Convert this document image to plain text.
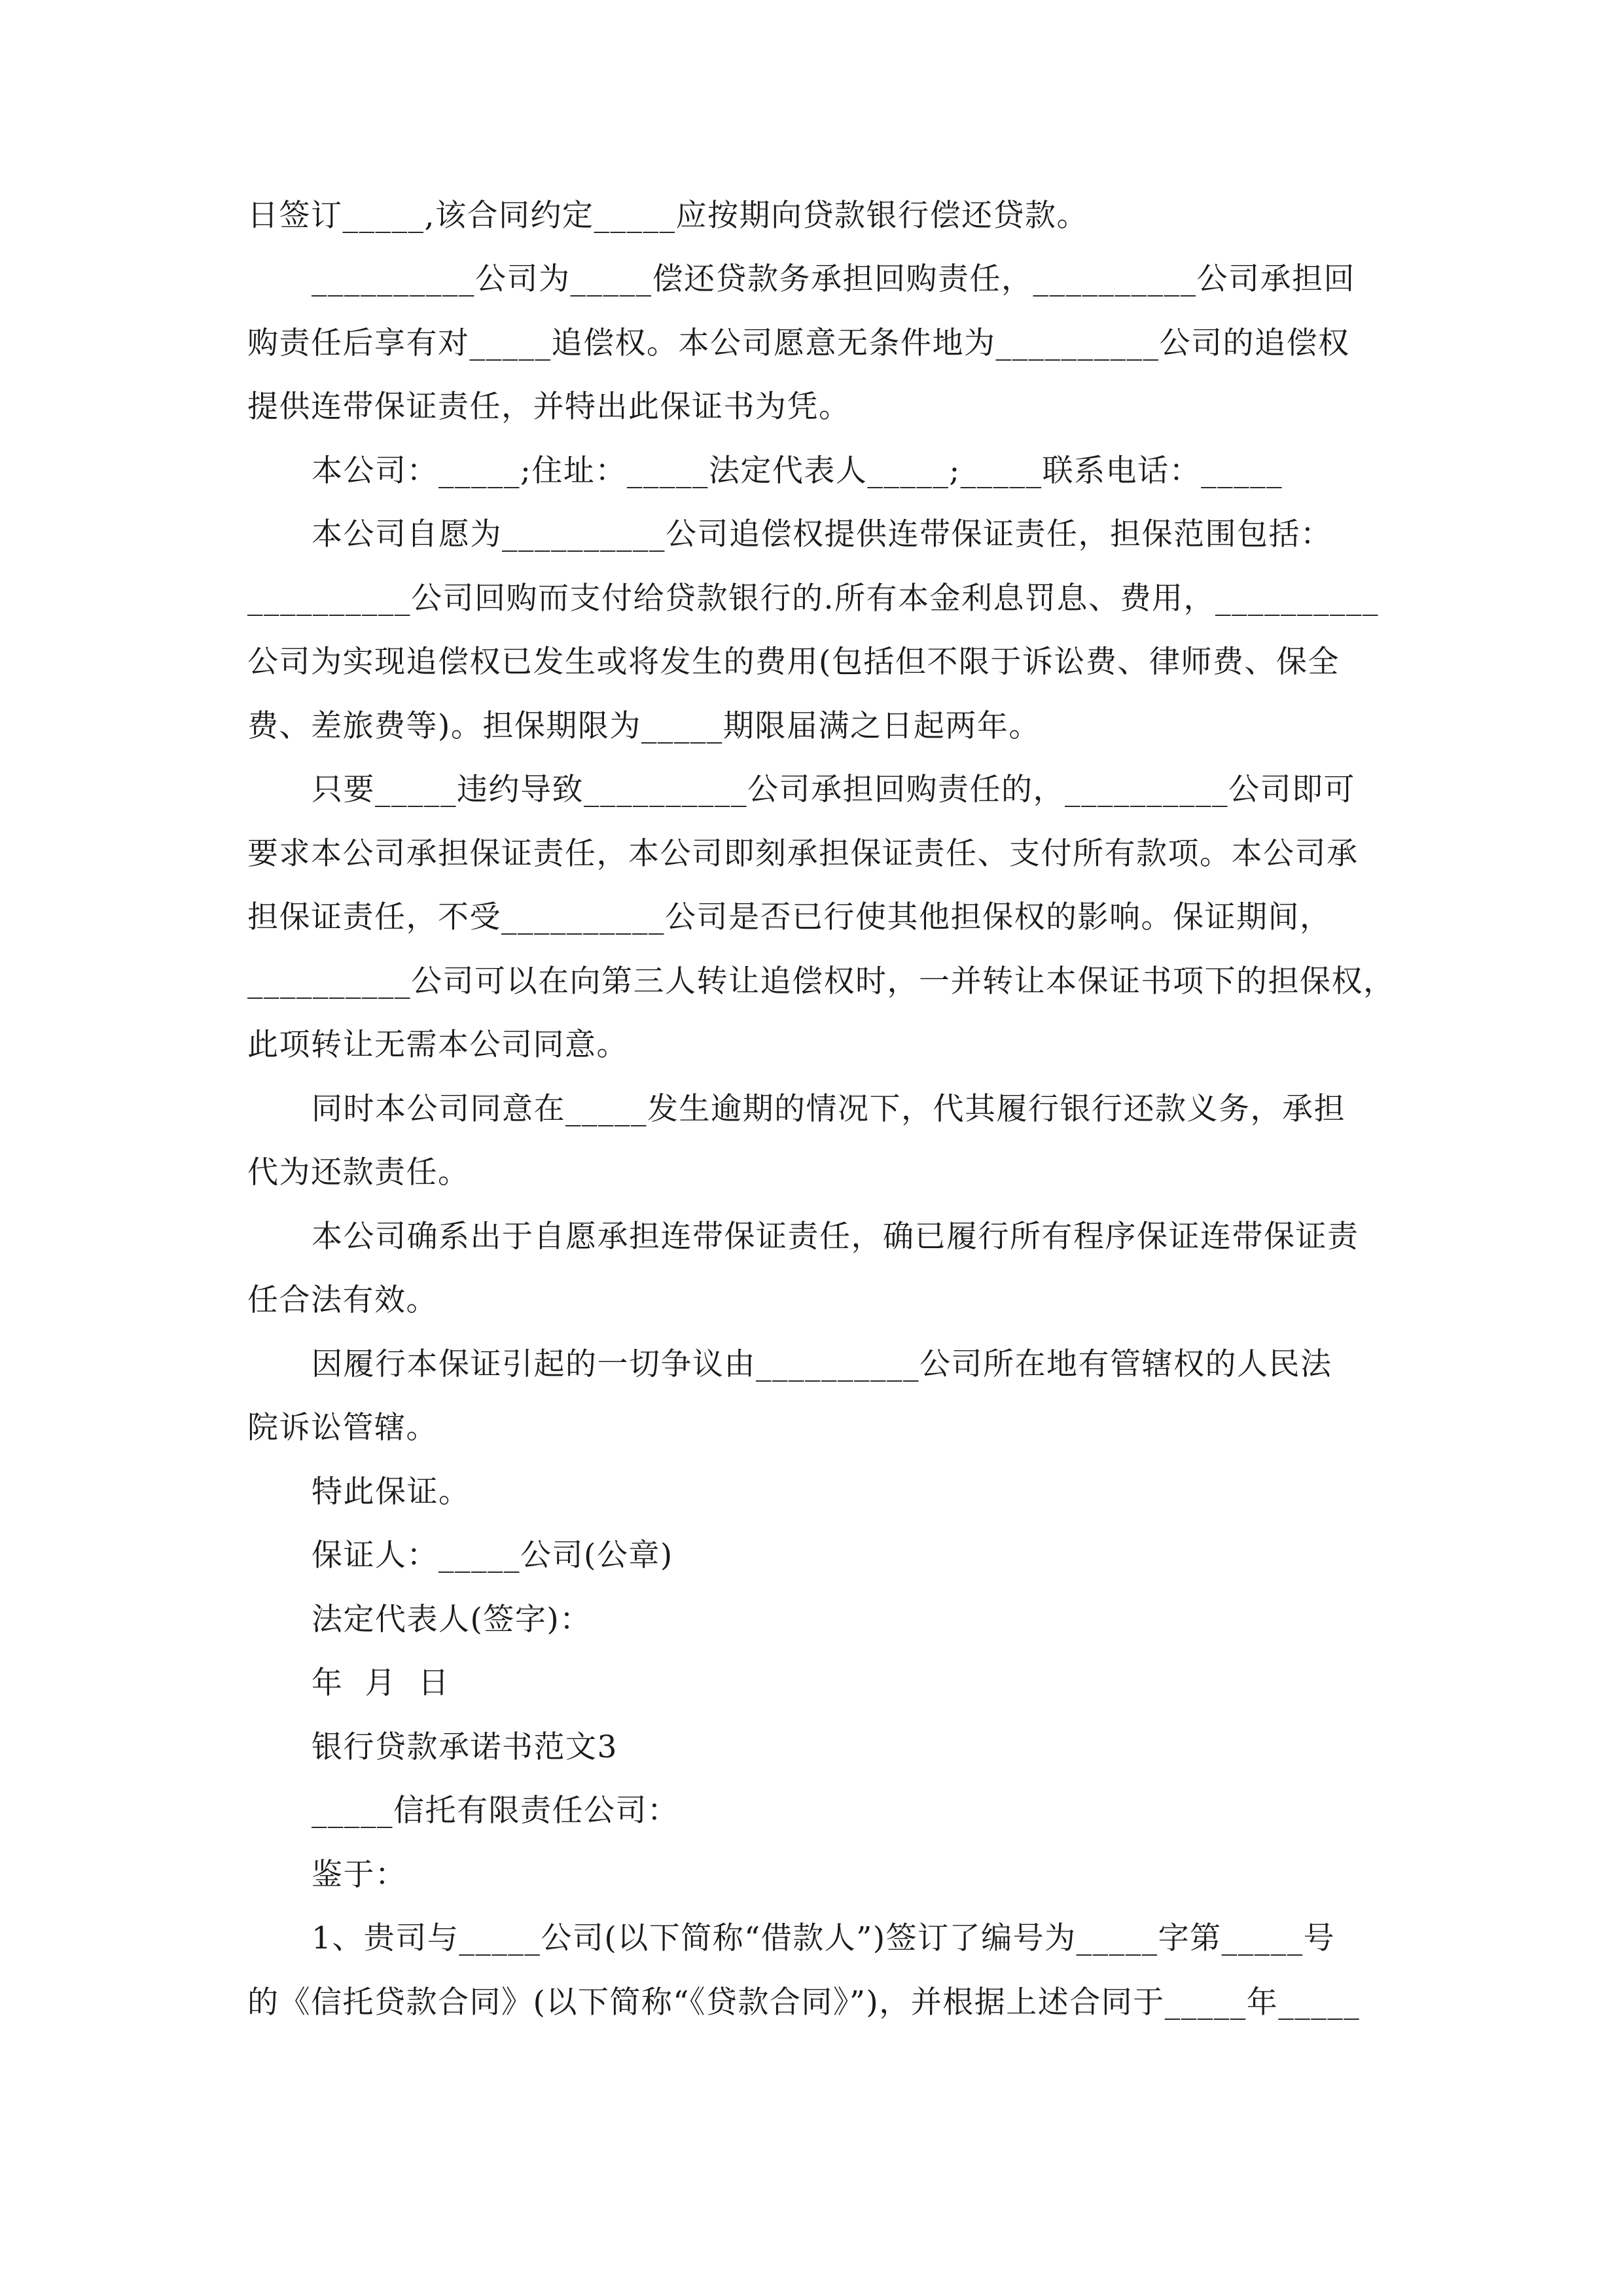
日签订_____,该合同约定_____应按期向贷款银行偿还贷款。
__________公司为_____偿还贷款务承担回购责任，__________公司承担回
购责任后享有对_____追偿权。本公司愿意无条件地为__________公司的追偿权
提供连带保证责任，并特出此保证书为凭。
本公司：_____;住址：_____法定代表人_____;_____联系电话：_____
本公司自愿为__________公司追偿权提供连带保证责任，担保范围包括：
__________公司回购而支付给贷款银行的.所有本金利息罚息、费用，__________
公司为实现追偿权已发生或将发生的费用(包括但不限于诉讼费、律师费、保全
费、差旅费等)。担保期限为_____期限届满之日起两年。
只要_____违约导致__________公司承担回购责任的，__________公司即可
要求本公司承担保证责任，本公司即刻承担保证责任、支付所有款项。本公司承
担保证责任，不受__________公司是否已行使其他担保权的影响。保证期间，
__________公司可以在向第三人转让追偿权时，一并转让本保证书项下的担保权，
此项转让无需本公司同意。
同时本公司同意在_____发生逾期的情况下，代其履行银行还款义务，承担
代为还款责任。
本公司确系出于自愿承担连带保证责任，确已履行所有程序保证连带保证责
任合法有效。
因履行本保证引起的一切争议由__________公司所在地有管辖权的人民法
院诉讼管辖。
特此保证。
保证人：_____公司(公章)
法定代表人(签字)：
年  月  日
银行贷款承诺书范文3
_____信托有限责任公司：
鉴于：
1、贵司与_____公司(以下简称“借款人”)签订了编号为_____字第_____号
的《信托贷款合同》(以下简称“《贷款合同》”)，并根据上述合同于_____年_____
